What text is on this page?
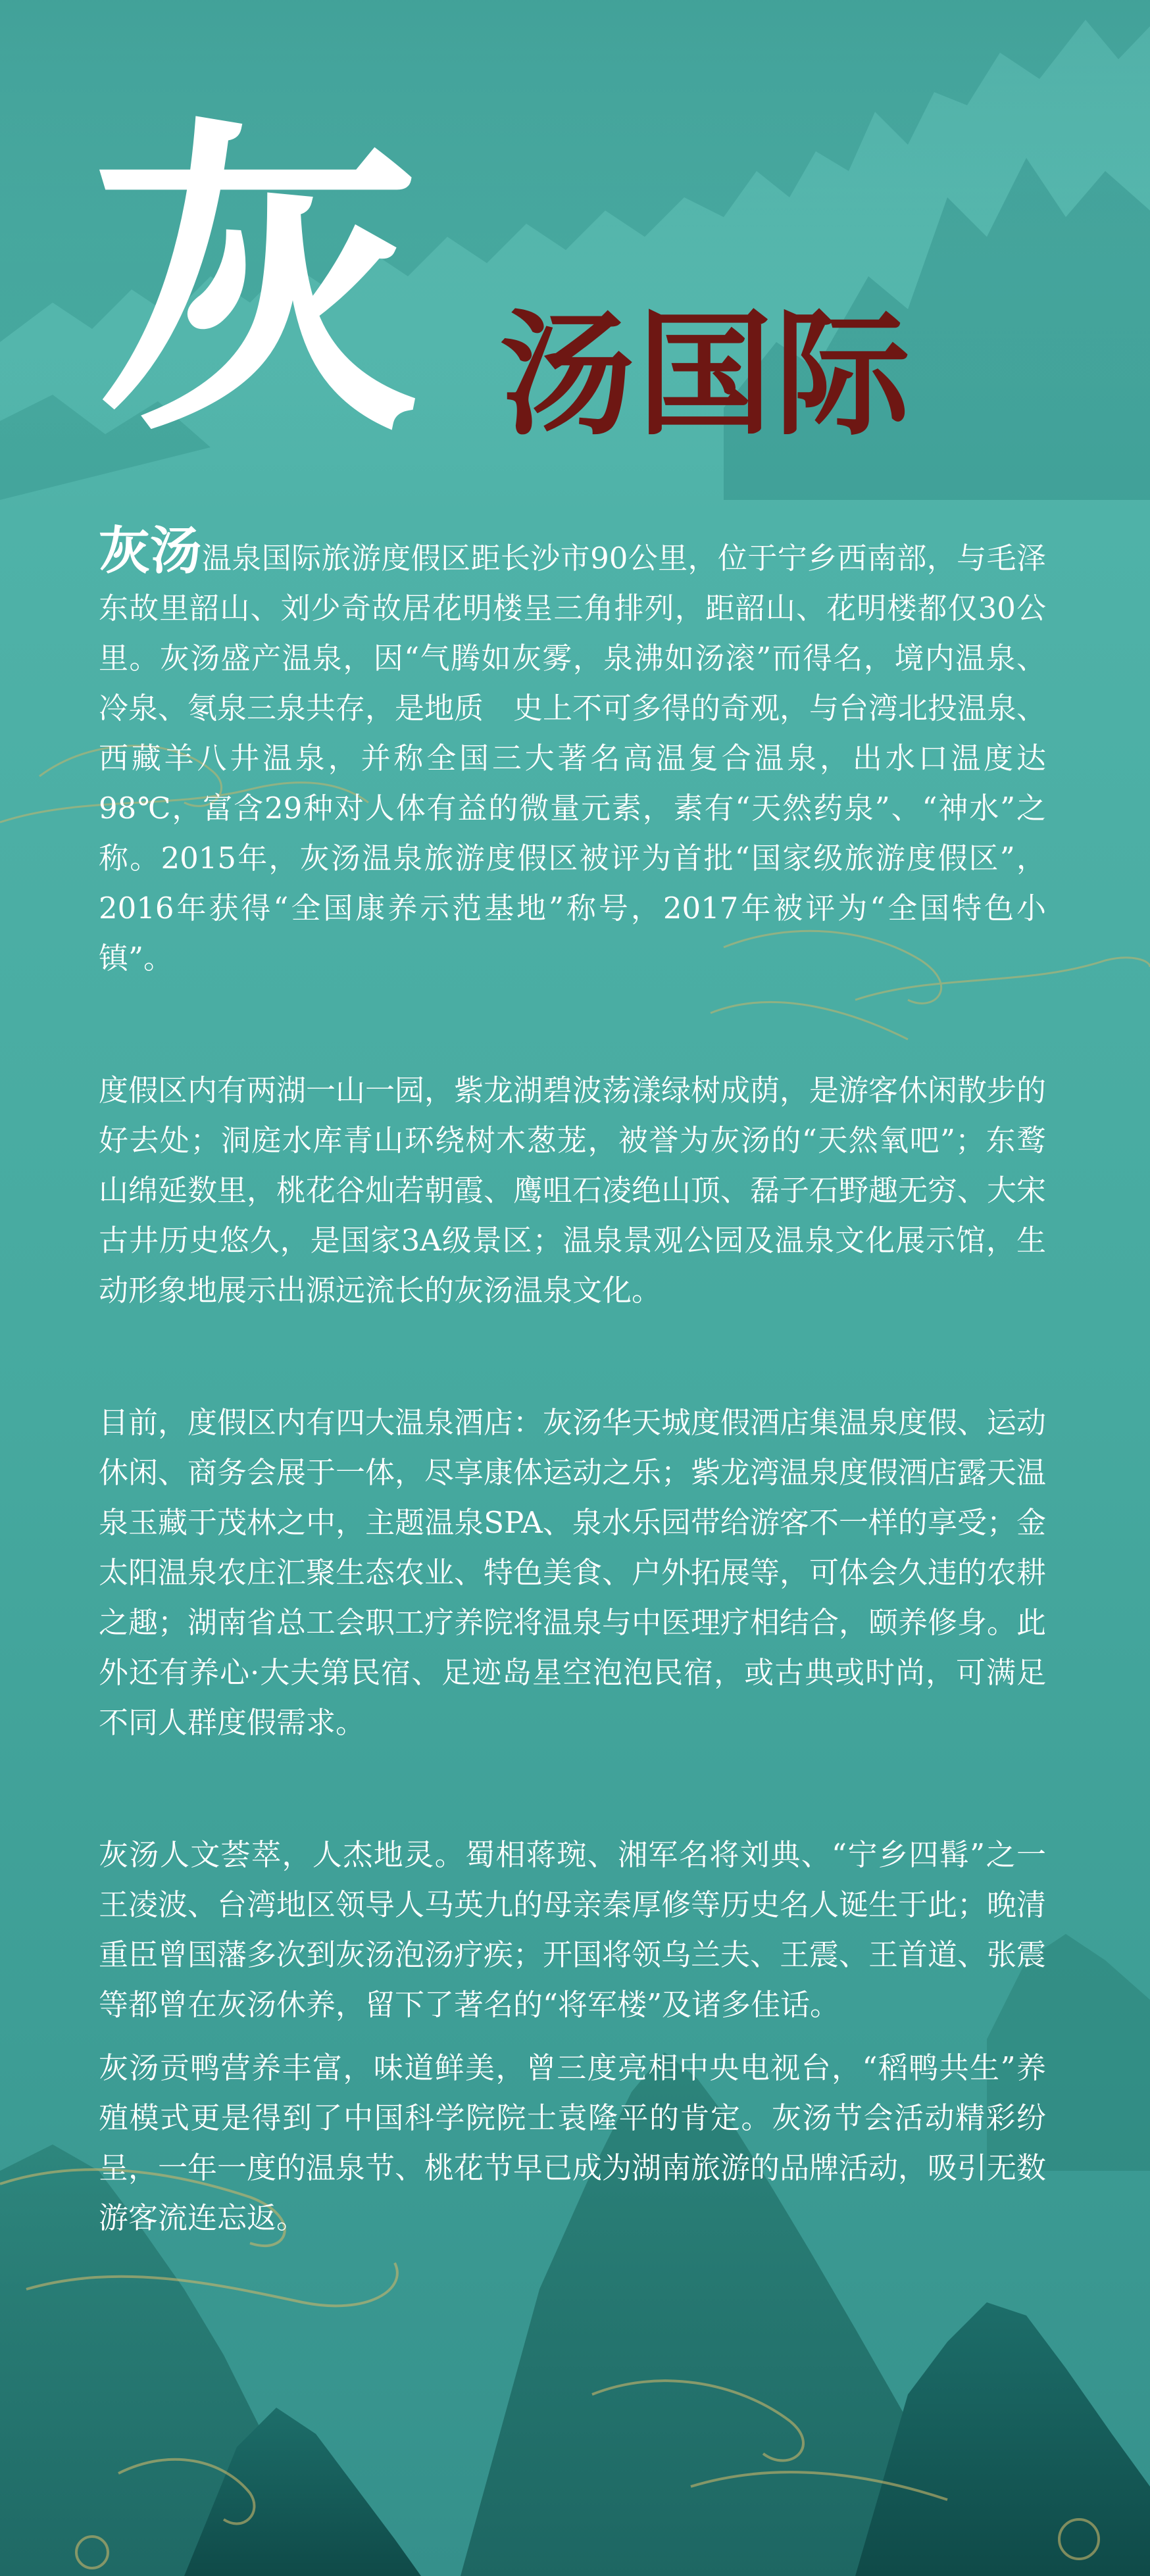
灰 汤国际

灰汤温泉国际旅游度假区距长沙市90公里，位于宁乡西南部，与毛泽东故里韶山、刘少奇故居花明楼呈三角排列，距韶山、花明楼都仅30公里。灰汤盛产温泉，因“气腾如灰雾，泉沸如汤滚”而得名，境内温泉、冷泉、氡泉三泉共存，是地质　史上不可多得的奇观，与台湾北投温泉、西藏羊八井温泉，并称全国三大著名高温复合温泉，出水口温度达98℃，富含29种对人体有益的微量元素，素有“天然药泉”、“神水”之称。2015年，灰汤温泉旅游度假区被评为首批“国家级旅游度假区”，2016年获得“全国康养示范基地”称号，2017年被评为“全国特色小镇”。

度假区内有两湖一山一园，紫龙湖碧波荡漾绿树成荫，是游客休闲散步的好去处；洞庭水库青山环绕树木葱茏，被誉为灰汤的“天然氧吧”；东鹜山绵延数里，桃花谷灿若朝霞、鹰咀石凌绝山顶、磊子石野趣无穷、大宋古井历史悠久，是国家3A级景区；温泉景观公园及温泉文化展示馆，生动形象地展示出源远流长的灰汤温泉文化。

目前，度假区内有四大温泉酒店：灰汤华天城度假酒店集温泉度假、运动休闲、商务会展于一体，尽享康体运动之乐；紫龙湾温泉度假酒店露天温泉玉藏于茂林之中，主题温泉SPA、泉水乐园带给游客不一样的享受；金太阳温泉农庄汇聚生态农业、特色美食、户外拓展等，可体会久违的农耕之趣；湖南省总工会职工疗养院将温泉与中医理疗相结合，颐养修身。此外还有养心·大夫第民宿、足迹岛星空泡泡民宿，或古典或时尚，可满足不同人群度假需求。

灰汤人文荟萃，人杰地灵。蜀相蒋琬、湘军名将刘典、“宁乡四髯”之一王凌波、台湾地区领导人马英九的母亲秦厚修等历史名人诞生于此；晚清重臣曾国藩多次到灰汤泡汤疗疾；开国将领乌兰夫、王震、王首道、张震等都曾在灰汤休养，留下了著名的“将军楼”及诸多佳话。

灰汤贡鸭营养丰富，味道鲜美，曾三度亮相中央电视台，“稻鸭共生”养殖模式更是得到了中国科学院院士袁隆平的肯定。灰汤节会活动精彩纷呈，一年一度的温泉节、桃花节早已成为湖南旅游的品牌活动，吸引无数游客流连忘返。
